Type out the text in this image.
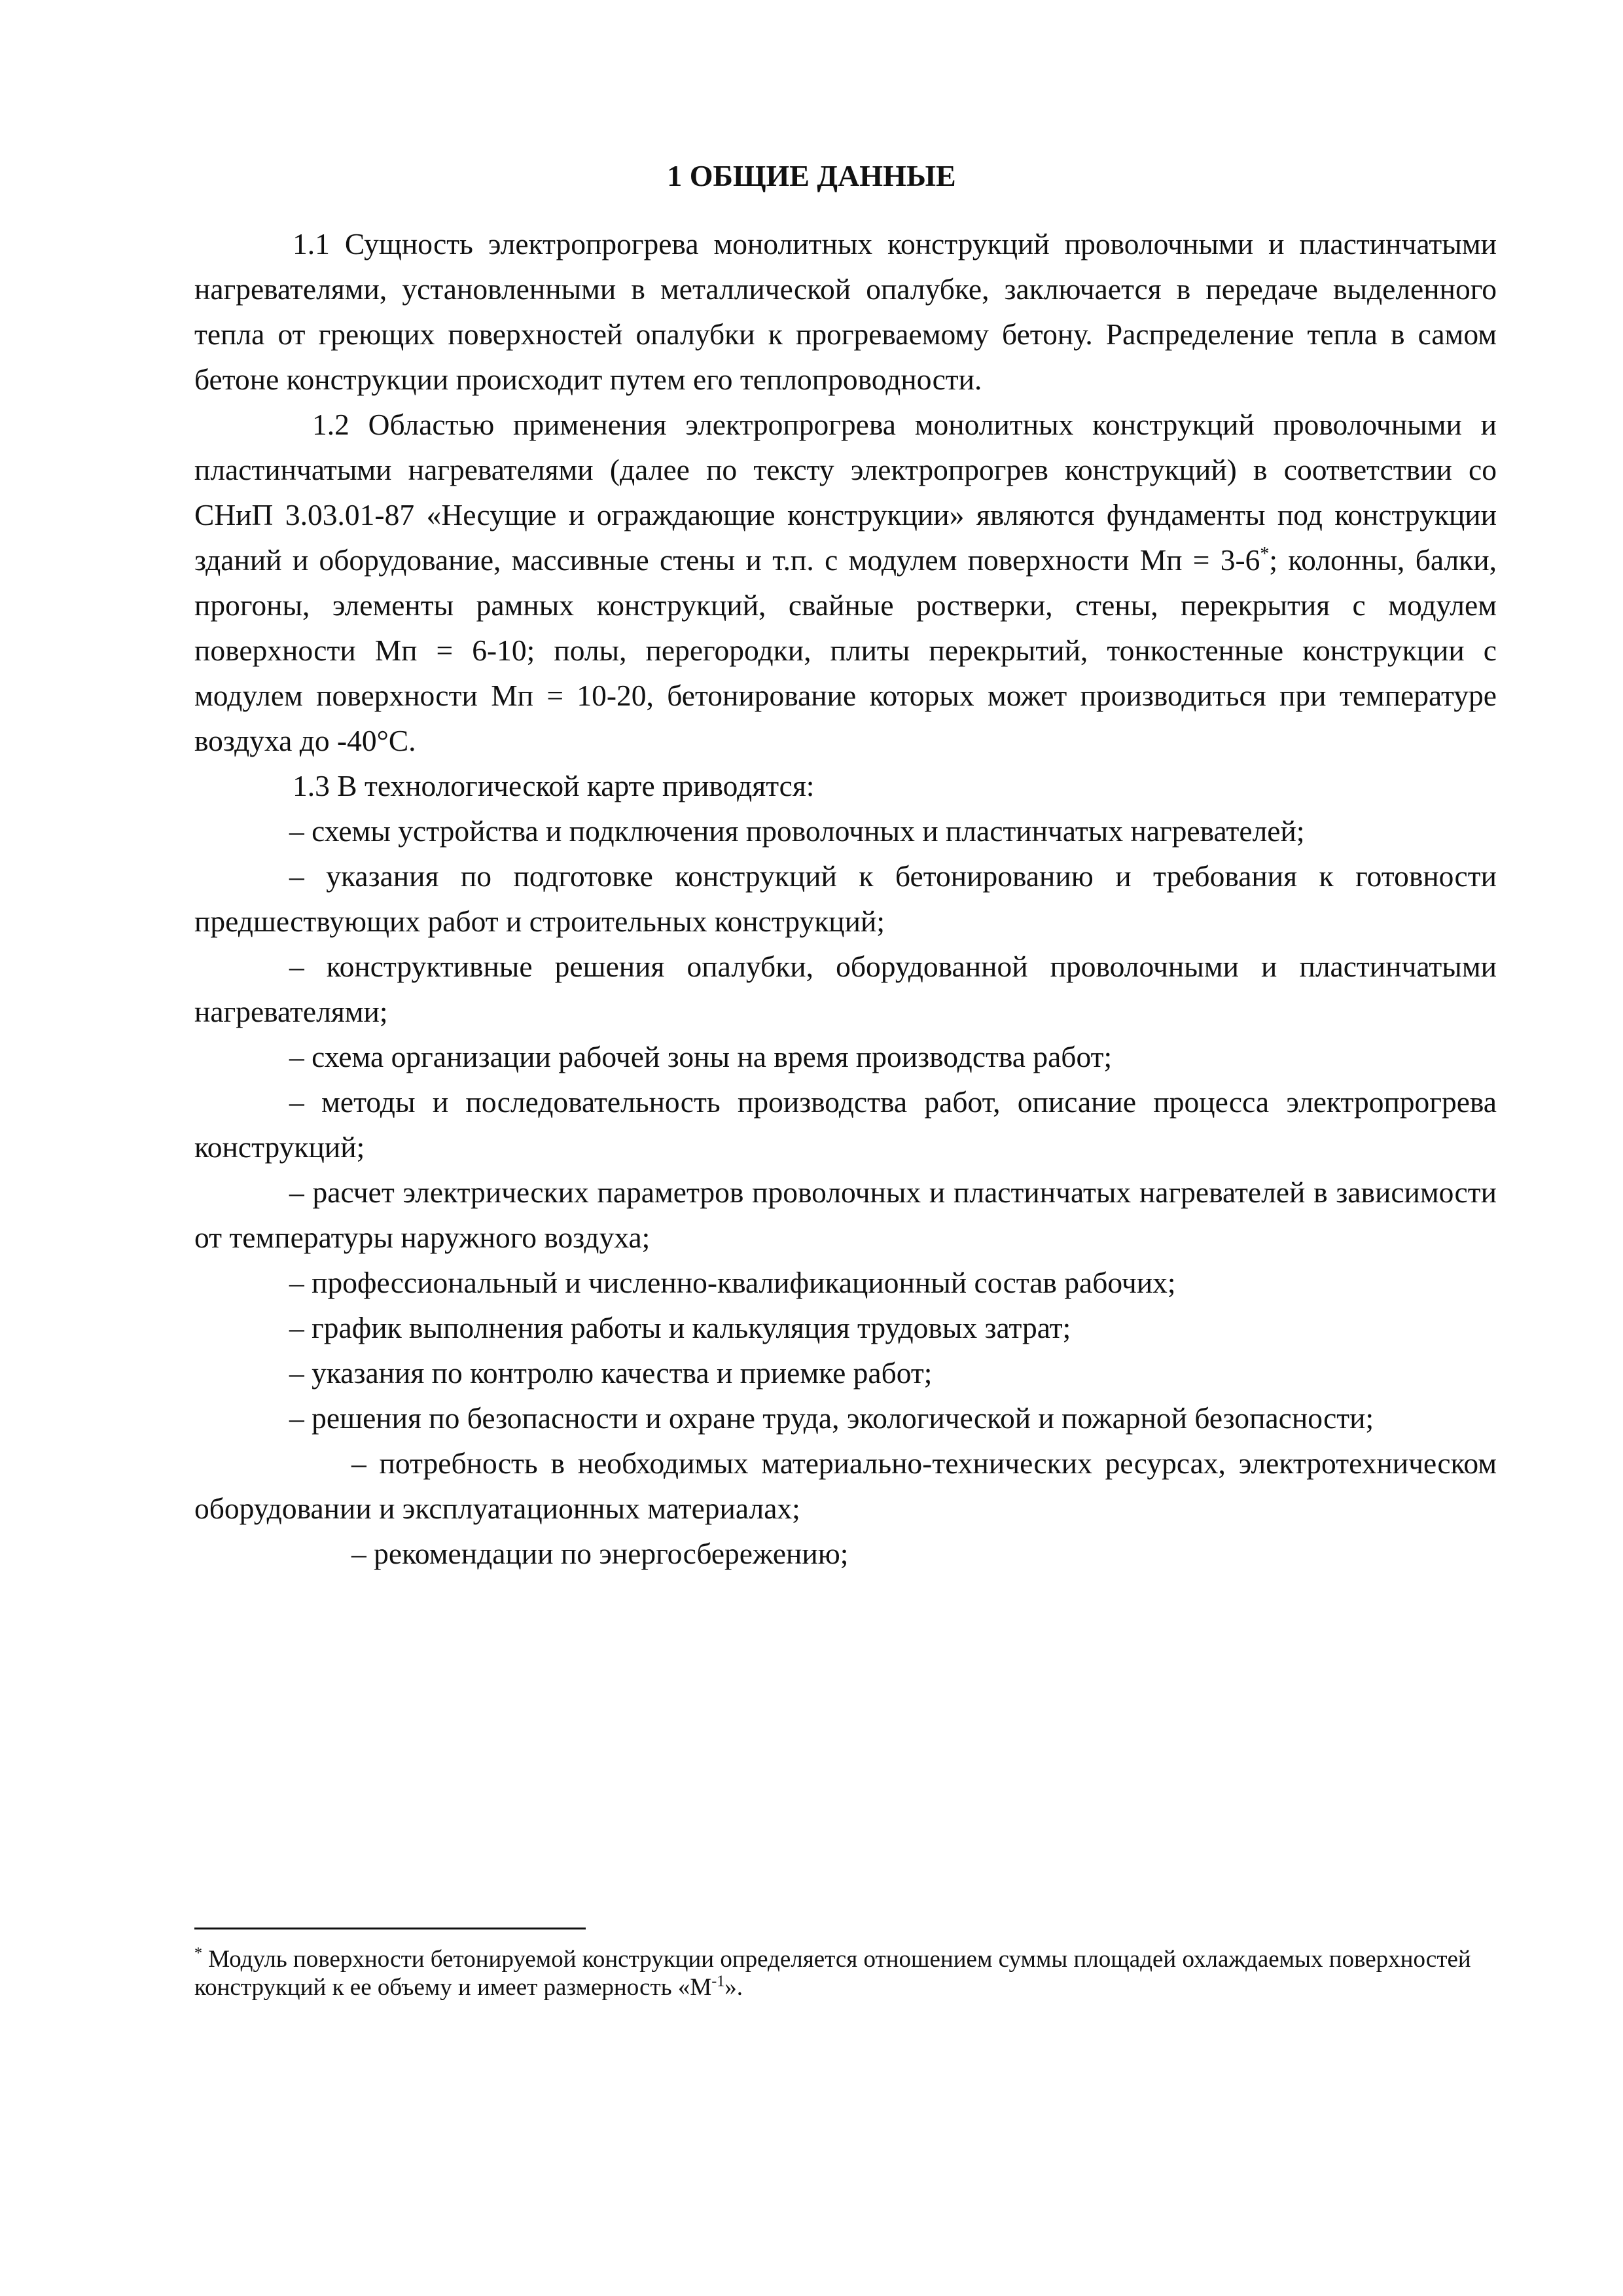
1 ОБЩИЕ ДАННЫЕ

1.1 Сущность электропрогрева монолитных конструкций проволочными и пластинчатыми нагревателями, установленными в металлической опалубке, заключается в передаче выделенного тепла от греющих поверхностей опалубки к прогреваемому бетону. Распределение тепла в самом бетоне конструкции происходит путем его теплопроводности.

1.2 Областью применения электропрогрева монолитных конструкций проволочными и пластинчатыми нагревателями (далее по тексту электропрогрев конструкций) в соответствии со СНиП 3.03.01-87 «Несущие и ограждающие конструкции» являются фундаменты под конструкции зданий и оборудование, массивные стены и т.п. с модулем поверхности Мп = 3-6*; колонны, балки, прогоны, элементы рамных конструкций, свайные ростверки, стены, перекрытия с модулем поверхности Мп = 6-10; полы, перегородки, плиты перекрытий, тонкостенные конструкции с модулем поверхности Мп = 10-20, бетонирование которых может производиться при температуре воздуха до -40°С.

1.3 В технологической карте приводятся:

– схемы устройства и подключения проволочных и пластинчатых нагревателей;

– указания по подготовке конструкций к бетонированию и требования к готовности предшествующих работ и строительных конструкций;

– конструктивные решения опалубки, оборудованной проволочными и пластинчатыми нагревателями;

– схема организации рабочей зоны на время производства работ;

– методы и последовательность производства работ, описание процесса электропрогрева конструкций;

– расчет электрических параметров проволочных и пластинчатых нагревателей в зависимости от температуры наружного воздуха;

– профессиональный и численно-квалификационный состав рабочих;

– график выполнения работы и калькуляция трудовых затрат;

– указания по контролю качества и приемке работ;

– решения по безопасности и охране труда, экологической и пожарной безопасности;

– потребность в необходимых материально-технических ресурсах, электротехническом оборудовании и эксплуатационных материалах;

– рекомендации по энергосбережению;

* Модуль поверхности бетонируемой конструкции определяется отношением суммы площадей охлаждаемых поверхностей конструкций к ее объему и имеет размерность «$М^{-1}$».
